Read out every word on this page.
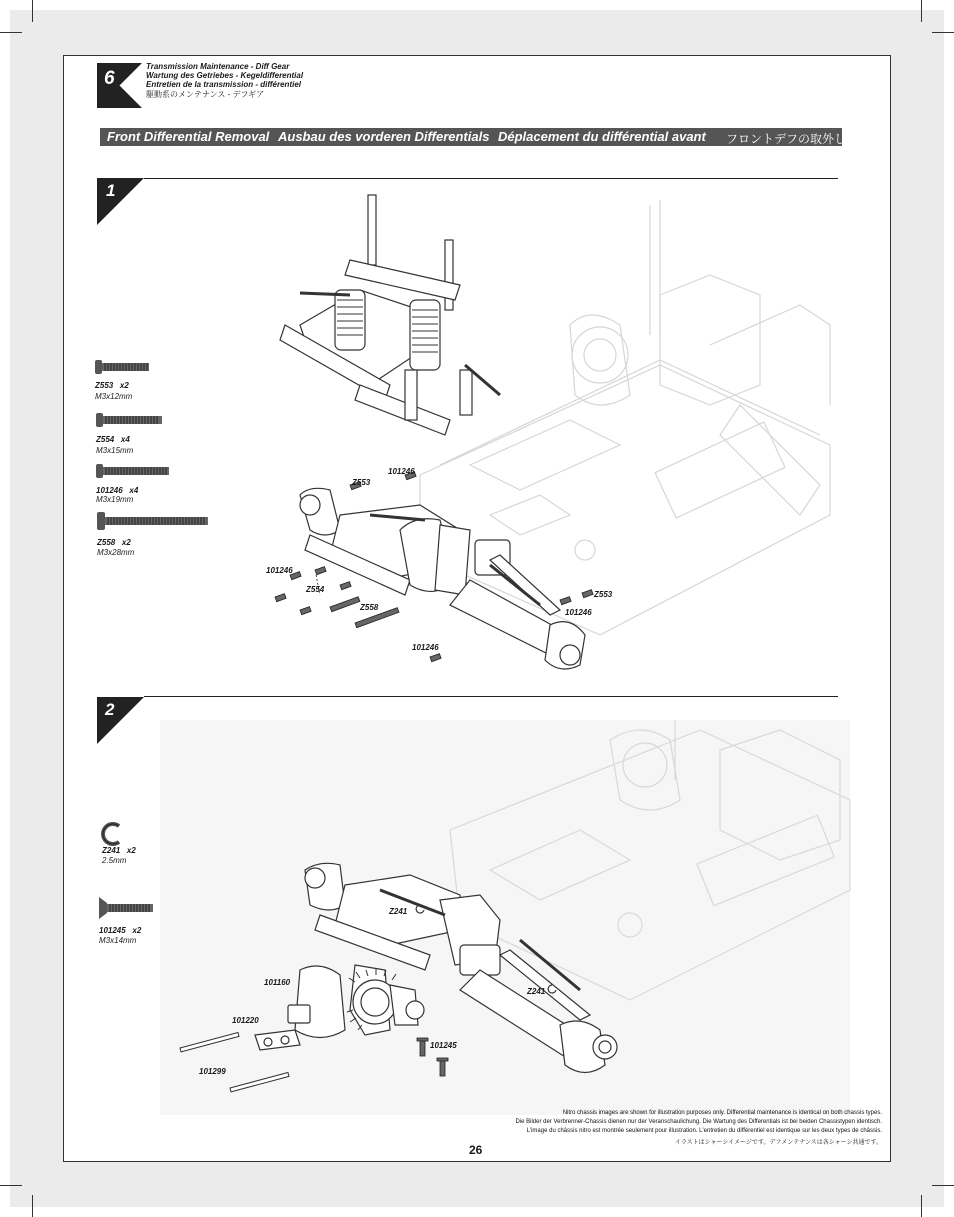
6
Transmission Maintenance - Diff Gear
Wartung des Getriebes - Kegeldifferential
Entretien de la transmission - différentiel
駆動系のメンテナンス - デフギア
Front Differential Removal Ausbau des vorderen Differentials Déplacement du différential avant フロントデフの取外し
1
Z553 x2
M3x12mm
Z554 x4
M3x15mm
101246 x4
M3x19mm
Z558 x2
M3x28mm
101246
Z553
101246
Z554
Z558
Z553
101246
101246
2
Z241 x2
2.5mm
101245 x2
M3x14mm
Z241
Z241
101160
101220
101245
101299
Nitro chassis images are shown for illustration purposes only. Differential maintenance is identical on both chassis types.
Die Bilder der Verbrenner-Chassis dienen nur der Veranschaulichung. Die Wartung des Differentials ist bei beiden Chassistypen identisch.
L'image du châssis nitro est montrée seulement pour illustration. L'entretien du différentiel est identique sur les deux types de châssis.
イラストはシャーシイメージです。デフメンテナンスは各シャーシ共通です。
26
